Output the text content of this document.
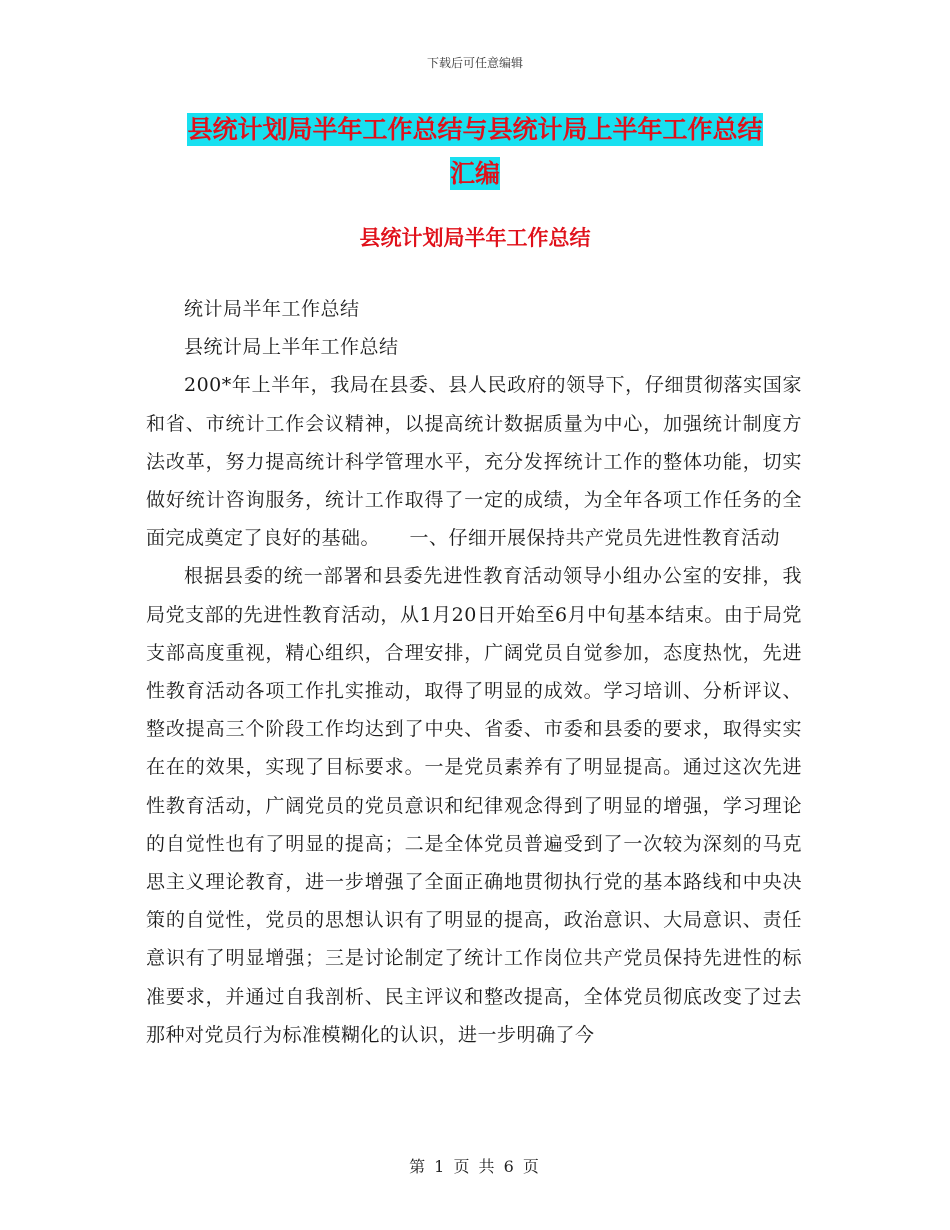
下载后可任意编辑
县统计划局半年工作总结与县统计局上半年工作总结
汇编
县统计划局半年工作总结

统计局半年工作总结

县统计局上半年工作总结

200*年上半年，我局在县委、县人民政府的领导下，仔细贯彻落实国家和省、市统计工作会议精神，以提高统计数据质量为中心，加强统计制度方法改革，努力提高统计科学管理水平，充分发挥统计工作的整体功能，切实做好统计咨询服务，统计工作取得了一定的成绩，为全年各项工作任务的全面完成奠定了良好的基础。　　一、仔细开展保持共产党员先进性教育活动

根据县委的统一部署和县委先进性教育活动领导小组办公室的安排，我局党支部的先进性教育活动，从1月20日开始至6月中旬基本结束。由于局党支部高度重视，精心组织，合理安排，广阔党员自觉参加，态度热忱，先进性教育活动各项工作扎实推动，取得了明显的成效。学习培训、分析评议、整改提高三个阶段工作均达到了中央、省委、市委和县委的要求，取得实实在在的效果，实现了目标要求。一是党员素养有了明显提高。通过这次先进性教育活动，广阔党员的党员意识和纪律观念得到了明显的增强，学习理论的自觉性也有了明显的提高；二是全体党员普遍受到了一次较为深刻的马克思主义理论教育，进一步增强了全面正确地贯彻执行党的基本路线和中央决策的自觉性，党员的思想认识有了明显的提高，政治意识、大局意识、责任意识有了明显增强；三是讨论制定了统计工作岗位共产党员保持先进性的标准要求，并通过自我剖析、民主评议和整改提高，全体党员彻底改变了过去那种对党员行为标准模糊化的认识，进一步明确了今

第 1 页 共 6 页
